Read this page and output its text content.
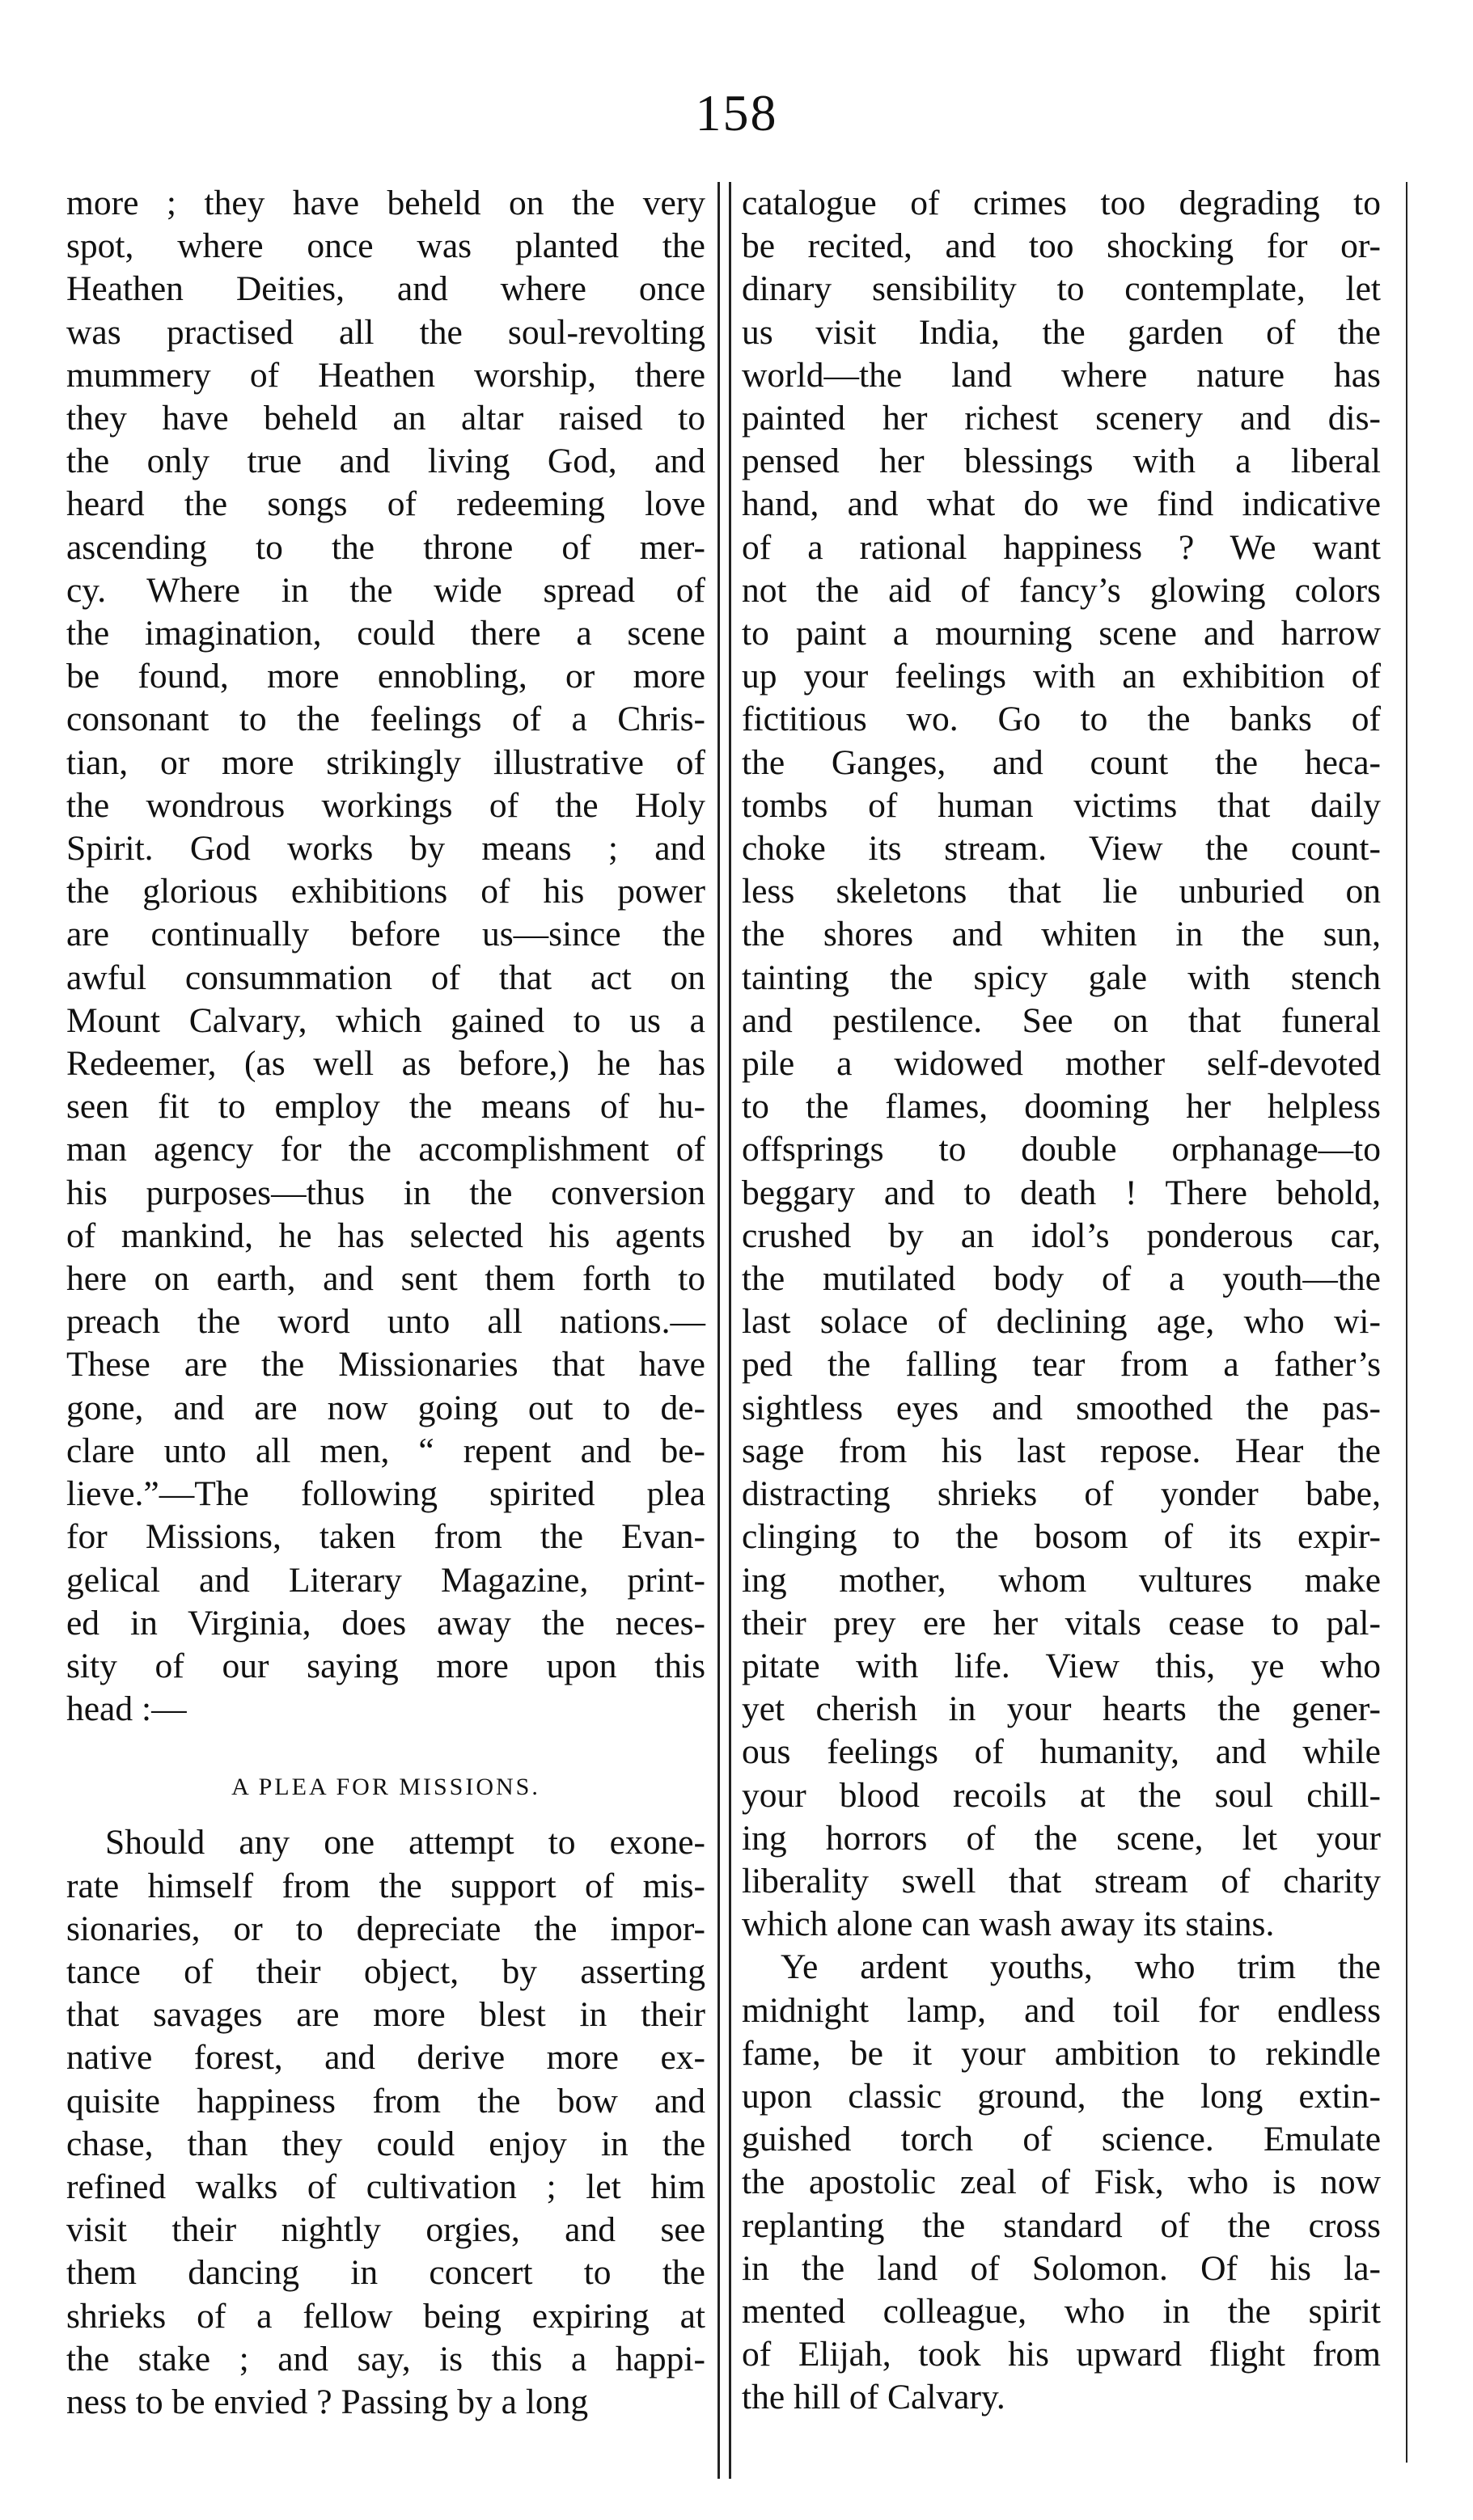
158
more ; they have beheld on the very
spot, where once was planted the
Heathen Deities, and where once
was practised all the soul-revolting
mummery of Heathen worship, there
they have beheld an altar raised to
the only true and living God, and
heard the songs of redeeming love
ascending to the throne of mer-
cy. Where in the wide spread of
the imagination, could there a scene
be found, more ennobling, or more
consonant to the feelings of a Chris-
tian, or more strikingly illustrative of
the wondrous workings of the Holy
Spirit. God works by means ; and
the glorious exhibitions of his power
are continually before us—since the
awful consummation of that act on
Mount Calvary, which gained to us a
Redeemer, (as well as before,) he has
seen fit to employ the means of hu-
man agency for the accomplishment of
his purposes—thus in the conversion
of mankind, he has selected his agents
here on earth, and sent them forth to
preach the word unto all nations.—
These are the Missionaries that have
gone, and are now going out to de-
clare unto all men, “ repent and be-
lieve.”—The following spirited plea
for Missions, taken from the Evan-
gelical and Literary Magazine, print-
ed in Virginia, does away the neces-
sity of our saying more upon this
head :—
A PLEA FOR MISSIONS.
Should any one attempt to exone-
rate himself from the support of mis-
sionaries, or to depreciate the impor-
tance of their object, by asserting
that savages are more blest in their
native forest, and derive more ex-
quisite happiness from the bow and
chase, than they could enjoy in the
refined walks of cultivation ; let him
visit their nightly orgies, and see
them dancing in concert to the
shrieks of a fellow being expiring at
the stake ; and say, is this a happi-
ness to be envied ? Passing by a long
catalogue of crimes too degrading to
be recited, and too shocking for or-
dinary sensibility to contemplate, let
us visit India, the garden of the
world—the land where nature has
painted her richest scenery and dis-
pensed her blessings with a liberal
hand, and what do we find indicative
of a rational happiness ? We want
not the aid of fancy’s glowing colors
to paint a mourning scene and harrow
up your feelings with an exhibition of
fictitious wo. Go to the banks of
the Ganges, and count the heca-
tombs of human victims that daily
choke its stream. View the count-
less skeletons that lie unburied on
the shores and whiten in the sun,
tainting the spicy gale with stench
and pestilence. See on that funeral
pile a widowed mother self-devoted
to the flames, dooming her helpless
offsprings to double orphanage—to
beggary and to death ! There behold,
crushed by an idol’s ponderous car,
the mutilated body of a youth—the
last solace of declining age, who wi-
ped the falling tear from a father’s
sightless eyes and smoothed the pas-
sage from his last repose. Hear the
distracting shrieks of yonder babe,
clinging to the bosom of its expir-
ing mother, whom vultures make
their prey ere her vitals cease to pal-
pitate with life. View this, ye who
yet cherish in your hearts the gener-
ous feelings of humanity, and while
your blood recoils at the soul chill-
ing horrors of the scene, let your
liberality swell that stream of charity
which alone can wash away its stains.
Ye ardent youths, who trim the
midnight lamp, and toil for endless
fame, be it your ambition to rekindle
upon classic ground, the long extin-
guished torch of science. Emulate
the apostolic zeal of Fisk, who is now
replanting the standard of the cross
in the land of Solomon. Of his la-
mented colleague, who in the spirit
of Elijah, took his upward flight from
the hill of Calvary.
